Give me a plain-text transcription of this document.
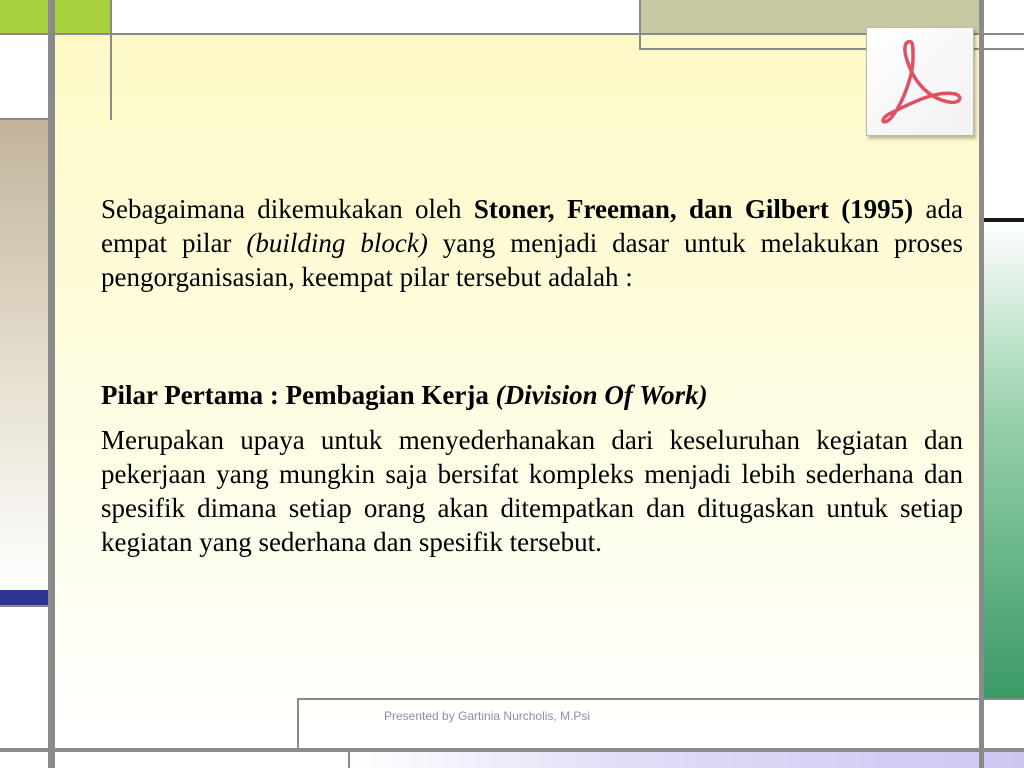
Sebagaimana dikemukakan oleh Stoner, Freeman, dan Gilbert (1995) ada empat pilar (building block) yang menjadi dasar untuk melakukan proses pengorganisasian, keempat pilar tersebut adalah :

Pilar Pertama : Pembagian Kerja (Division Of Work)

Merupakan upaya untuk menyederhanakan dari keseluruhan kegiatan dan pekerjaan yang mungkin saja bersifat kompleks menjadi lebih sederhana dan spesifik dimana setiap orang akan ditempatkan dan ditugaskan untuk setiap kegiatan yang sederhana dan spesifik tersebut.

Presented by Gartinia Nurcholis, M.Psi
